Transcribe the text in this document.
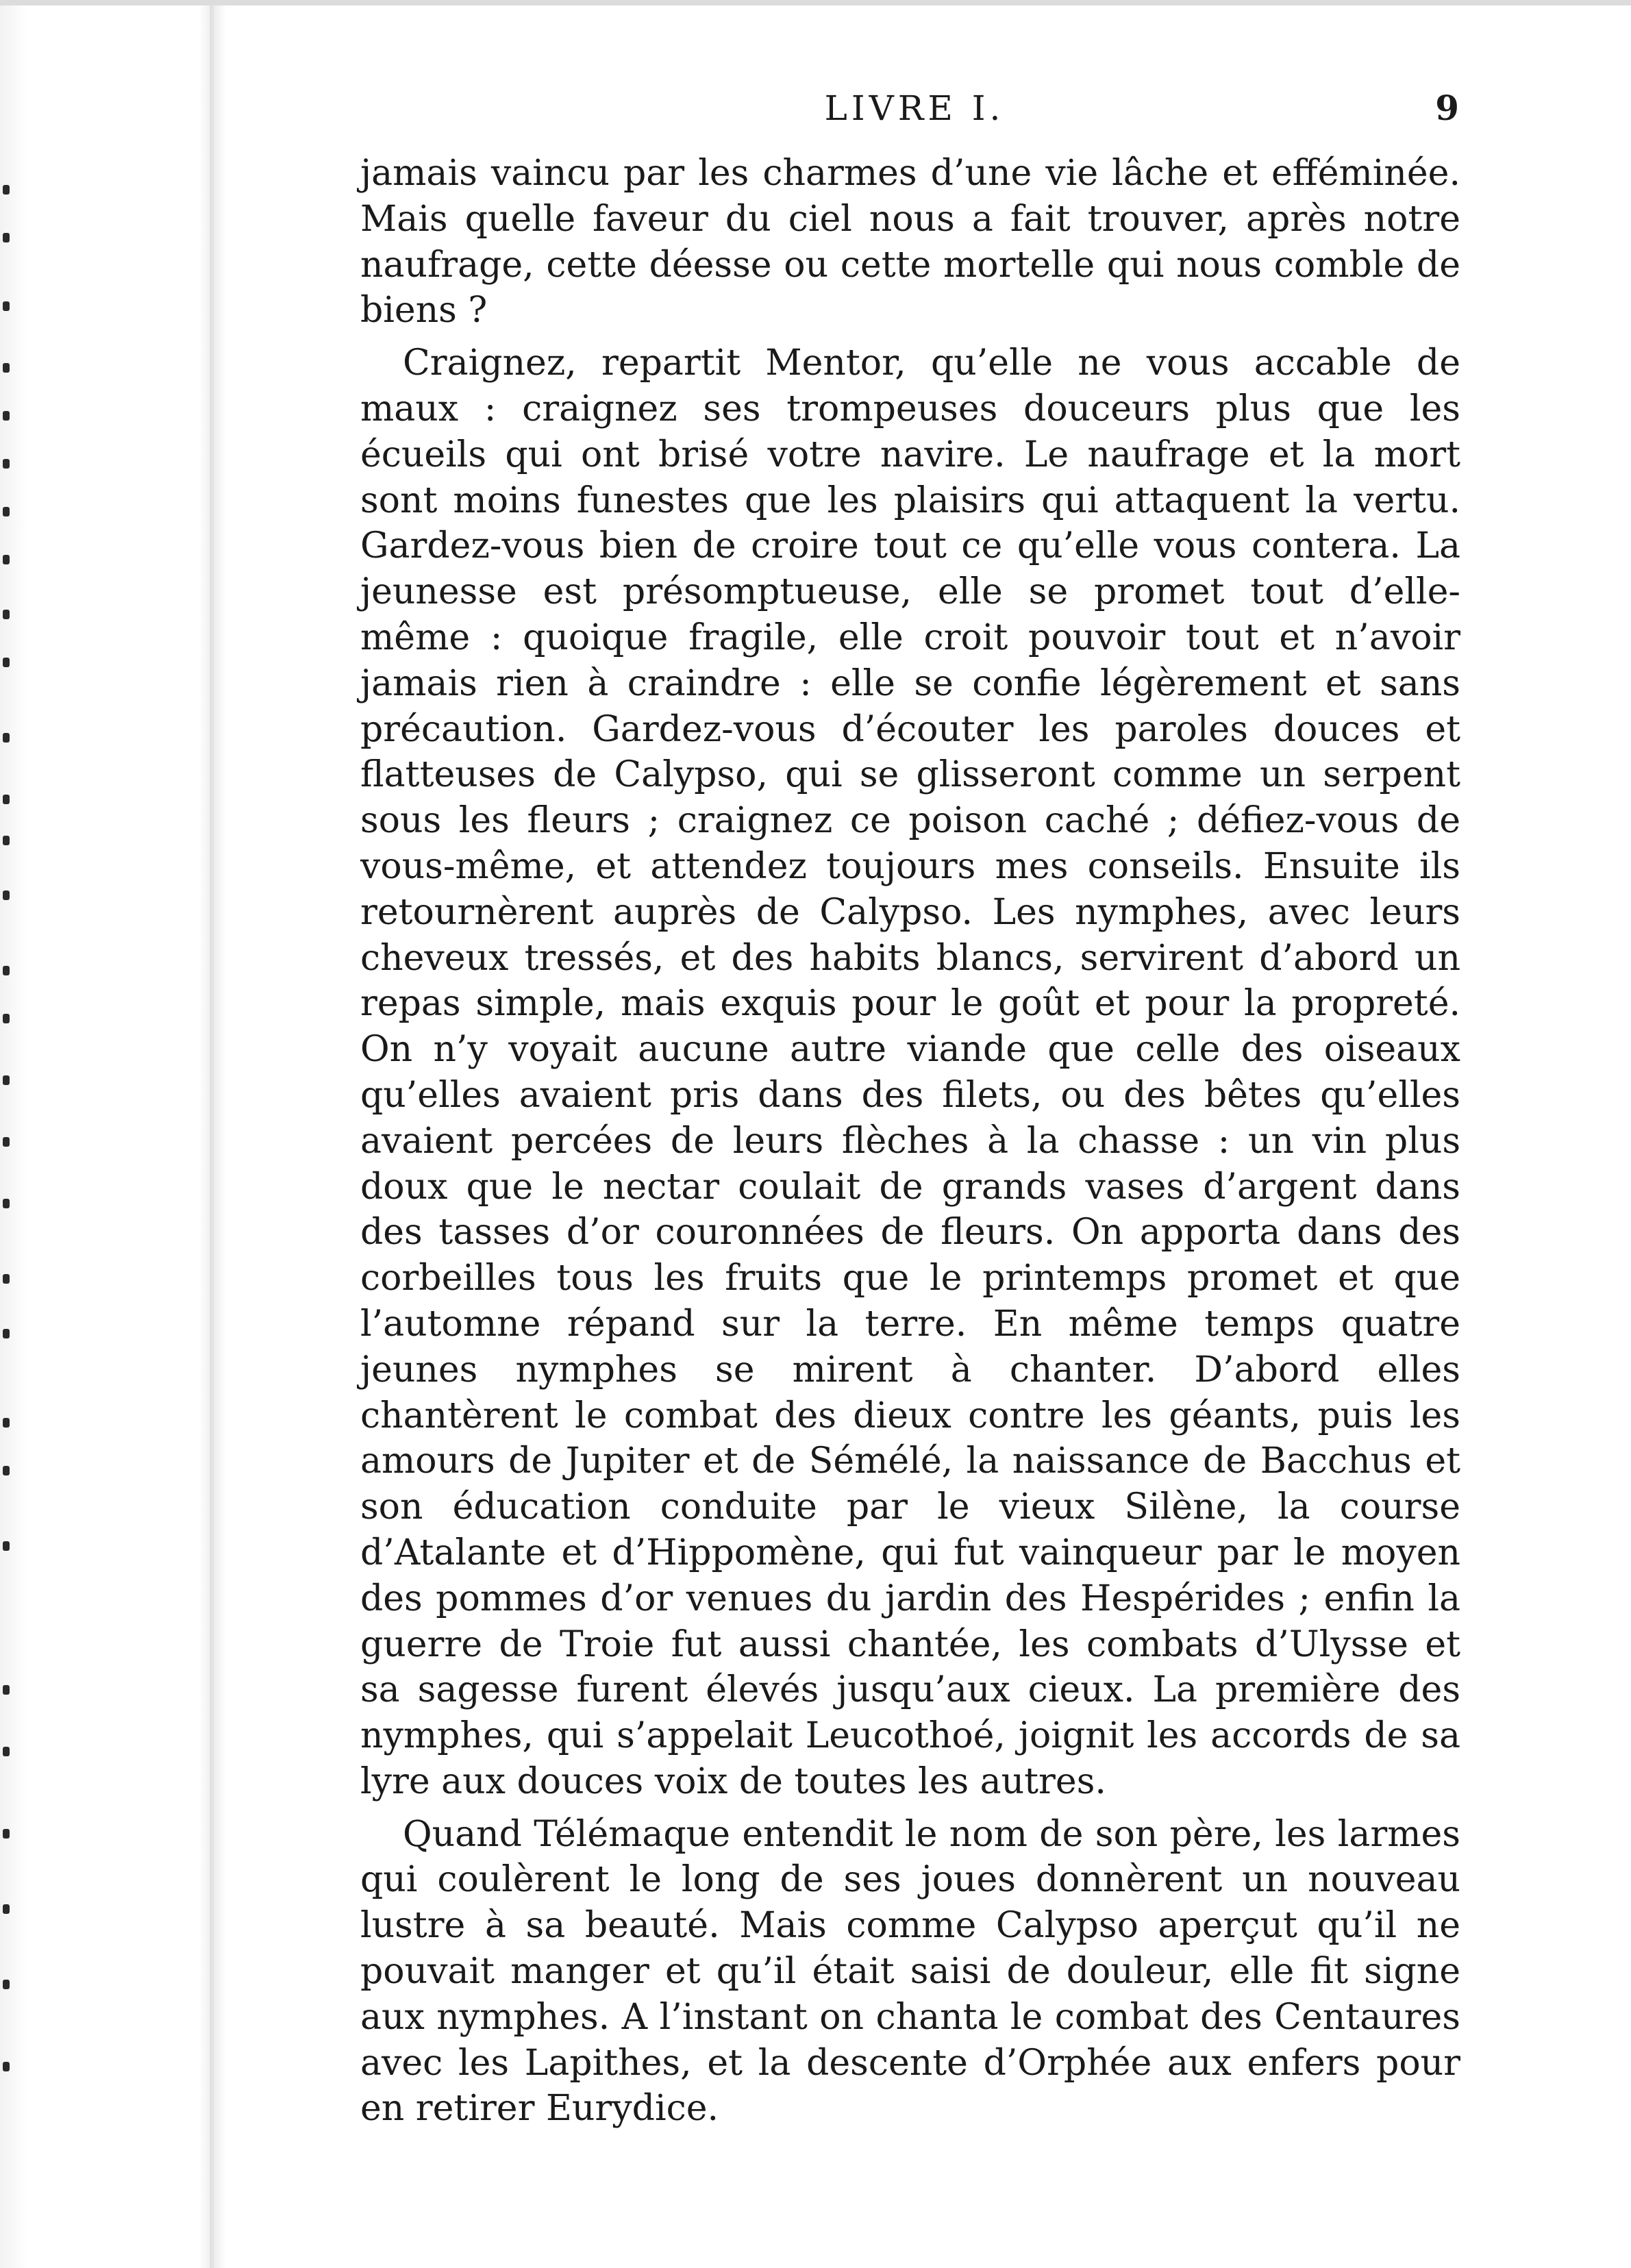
LIVRE I.	9

jamais vaincu par les charmes d’une vie lâche et efféminée. Mais quelle faveur du ciel nous a fait trouver, après notre naufrage, cette déesse ou cette mortelle qui nous comble de biens ?

Craignez, repartit Mentor, qu’elle ne vous accable de maux : craignez ses trompeuses douceurs plus que les écueils qui ont brisé votre navire. Le naufrage et la mort sont moins funestes que les plaisirs qui attaquent la vertu. Gardez-vous bien de croire tout ce qu’elle vous contera. La jeunesse est présomptueuse, elle se promet tout d’elle-même : quoique fragile, elle croit pouvoir tout et n’avoir jamais rien à craindre : elle se confie légèrement et sans précaution. Gardez-vous d’écouter les paroles douces et flatteuses de Calypso, qui se glisseront comme un serpent sous les fleurs ; craignez ce poison caché ; défiez-vous de vous-même, et attendez toujours mes conseils. Ensuite ils retournèrent auprès de Calypso. Les nymphes, avec leurs cheveux tressés, et des habits blancs, servirent d’abord un repas simple, mais exquis pour le goût et pour la propreté. On n’y voyait aucune autre viande que celle des oiseaux qu’elles avaient pris dans des filets, ou des bêtes qu’elles avaient percées de leurs flèches à la chasse : un vin plus doux que le nectar coulait de grands vases d’argent dans des tasses d’or couronnées de fleurs. On apporta dans des corbeilles tous les fruits que le printemps promet et que l’automne répand sur la terre. En même temps quatre jeunes nymphes se mirent à chanter. D’abord elles chantèrent le combat des dieux contre les géants, puis les amours de Jupiter et de Sémélé, la naissance de Bacchus et son éducation conduite par le vieux Silène, la course d’Atalante et d’Hippomène, qui fut vainqueur par le moyen des pommes d’or venues du jardin des Hespérides ; enfin la guerre de Troie fut aussi chantée, les combats d’Ulysse et sa sagesse furent élevés jusqu’aux cieux. La première des nymphes, qui s’appelait Leucothoé, joignit les accords de sa lyre aux douces voix de toutes les autres.

Quand Télémaque entendit le nom de son père, les larmes qui coulèrent le long de ses joues donnèrent un nouveau lustre à sa beauté. Mais comme Calypso aperçut qu’il ne pouvait manger et qu’il était saisi de douleur, elle fit signe aux nymphes. A l’instant on chanta le combat des Centaures avec les Lapithes, et la descente d’Orphée aux enfers pour en retirer Eurydice.
